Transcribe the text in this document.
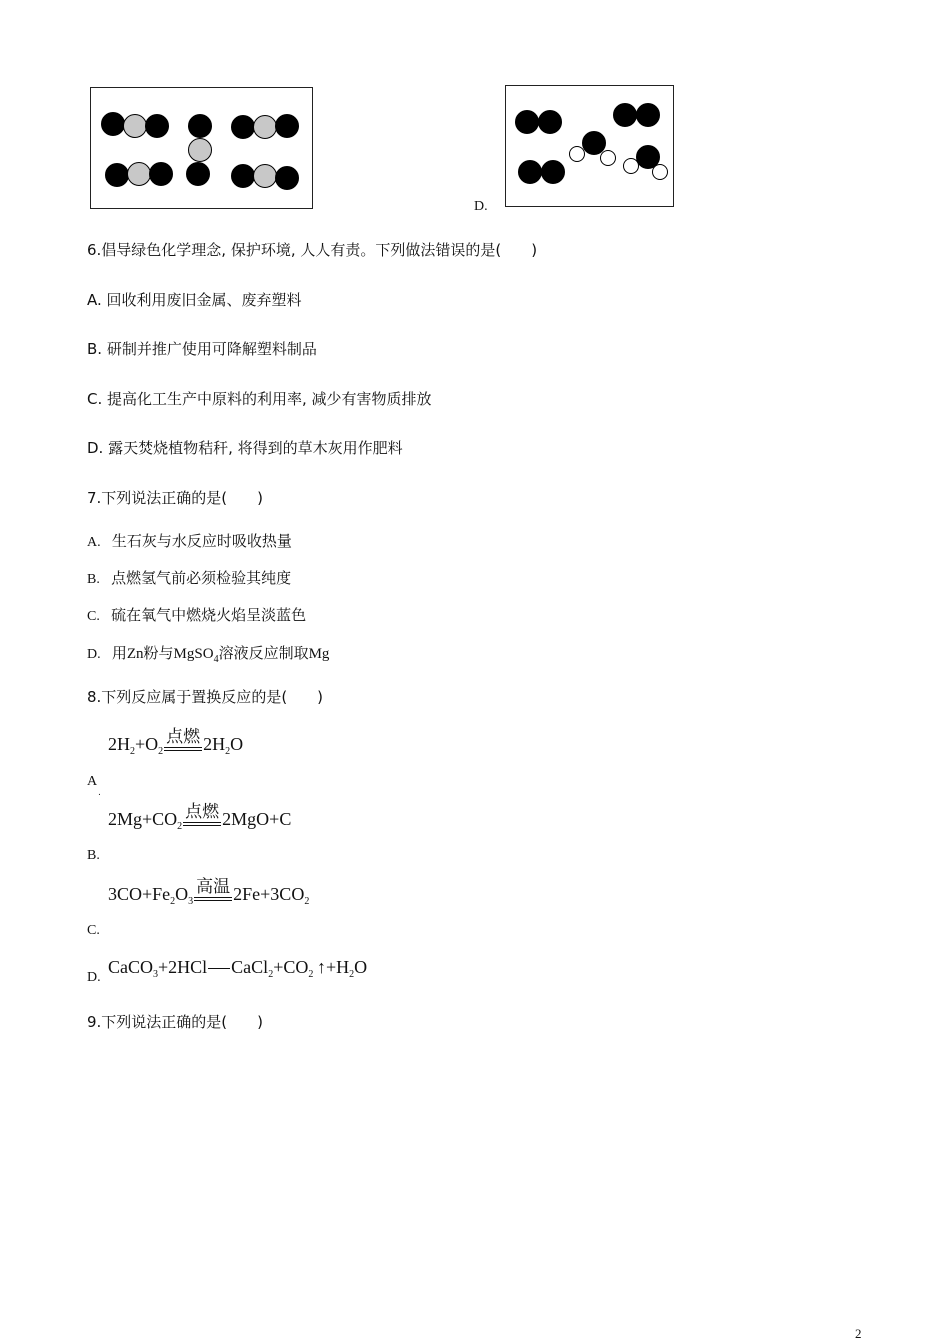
D.
6.倡导绿色化学理念, 保护环境, 人人有责。下列做法错误的是(　　)
A. 回收利用废旧金属、废弃塑料
B. 研制并推广使用可降解塑料制品
C. 提高化工生产中原料的利用率, 减少有害物质排放
D. 露天焚烧植物秸秆, 将得到的草木灰用作肥料
7.下列说法正确的是(　　)
A. 生石灰与水反应时吸收热量
B. 点燃氢气前必须检验其纯度
C. 硫在氧气中燃烧火焰呈淡蓝色
D. 用Zn粉与MgSO$_4$溶液反应制取Mg
8.下列反应属于置换反应的是(　　)
$2H_2+O_2$
点燃 $2H_2O$
A
.
$2Mg+CO_2$
点燃 2MgO+C
B.
$3CO+Fe_2O_3$
高温 $2Fe+3CO_2$
C.
CaCO$_3$+2HCl $CaCl_2+CO_2$ $↑+H_2O$
D.
9.下列说法正确的是(　　)
2
